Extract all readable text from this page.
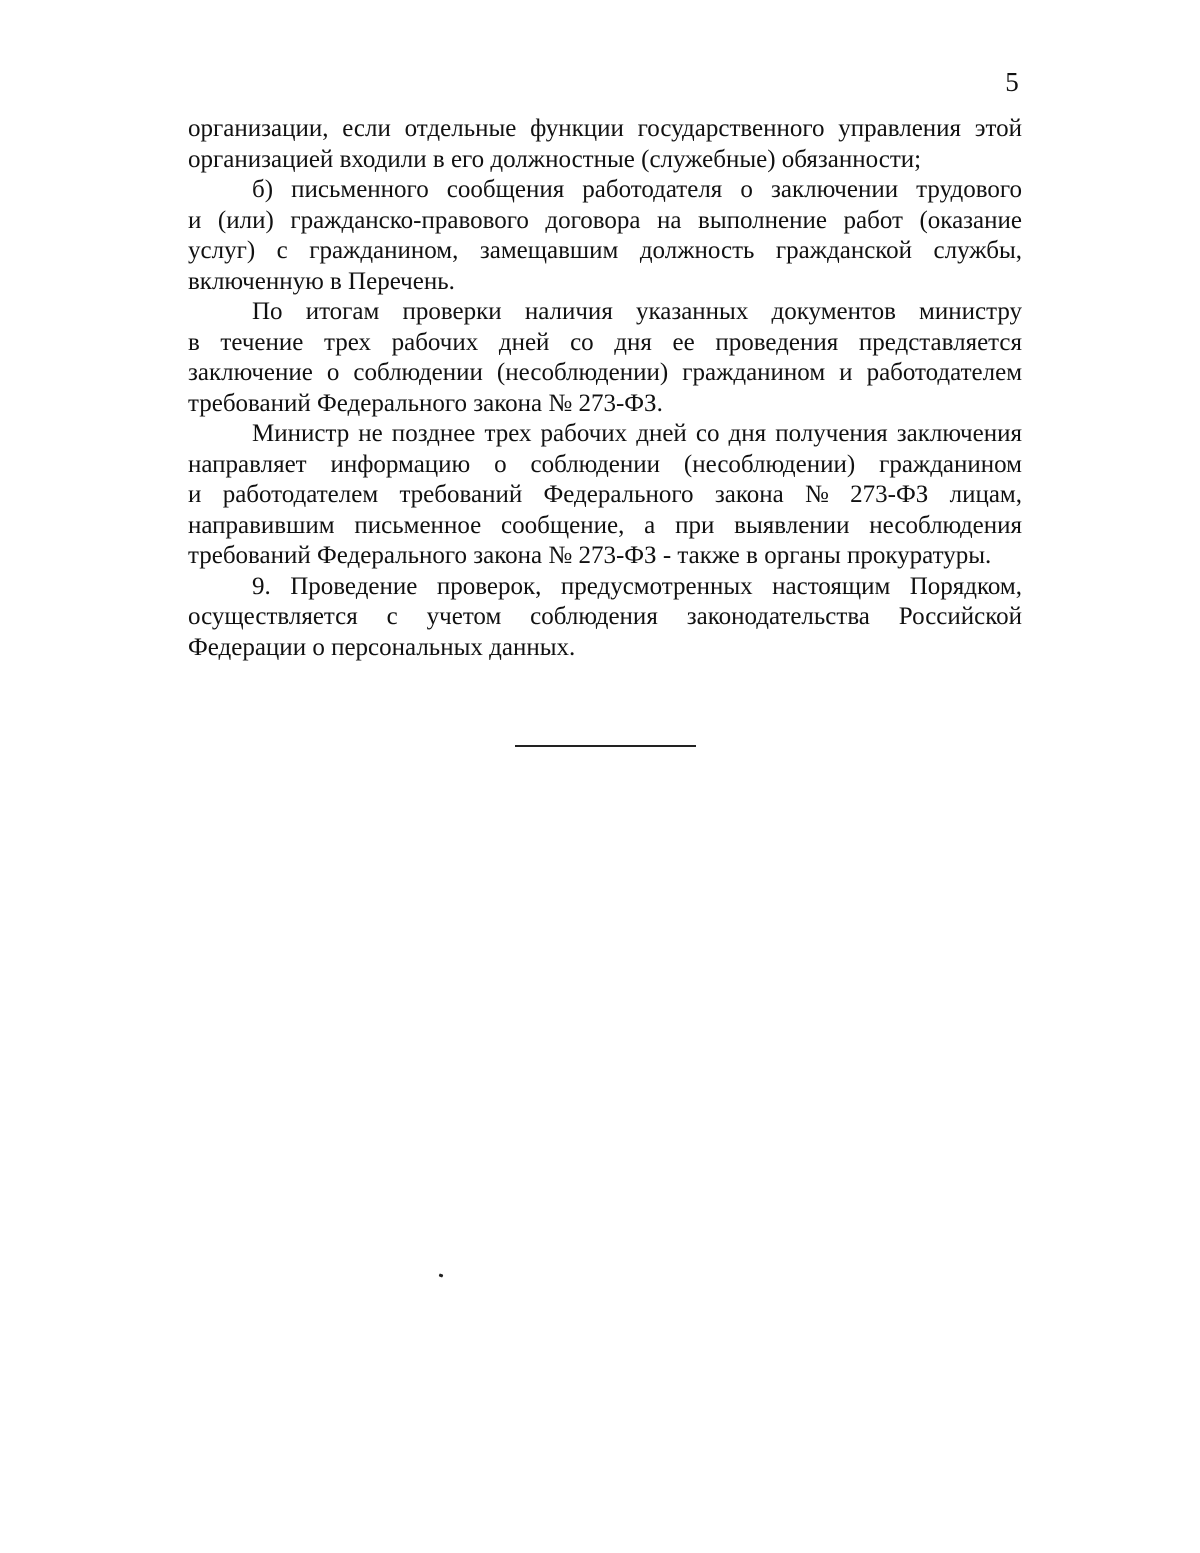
5

организации, если отдельные функции государственного управления этой
организацией входили в его должностные (служебные) обязанности;

б) письменного сообщения работодателя о заключении трудового
и (или) гражданско-правового договора на выполнение работ (оказание
услуг) с гражданином, замещавшим должность гражданской службы,
включенную в Перечень.

По итогам проверки наличия указанных документов министру
в течение трех рабочих дней со дня ее проведения представляется
заключение о соблюдении (несоблюдении) гражданином и работодателем
требований Федерального закона № 273-ФЗ.

Министр не позднее трех рабочих дней со дня получения заключения
направляет информацию о соблюдении (несоблюдении) гражданином
и работодателем требований Федерального закона № 273-ФЗ лицам,
направившим письменное сообщение, а при выявлении несоблюдения
требований Федерального закона № 273-ФЗ - также в органы прокуратуры.

9. Проведение проверок, предусмотренных настоящим Порядком,
осуществляется с учетом соблюдения законодательства Российской
Федерации о персональных данных.
